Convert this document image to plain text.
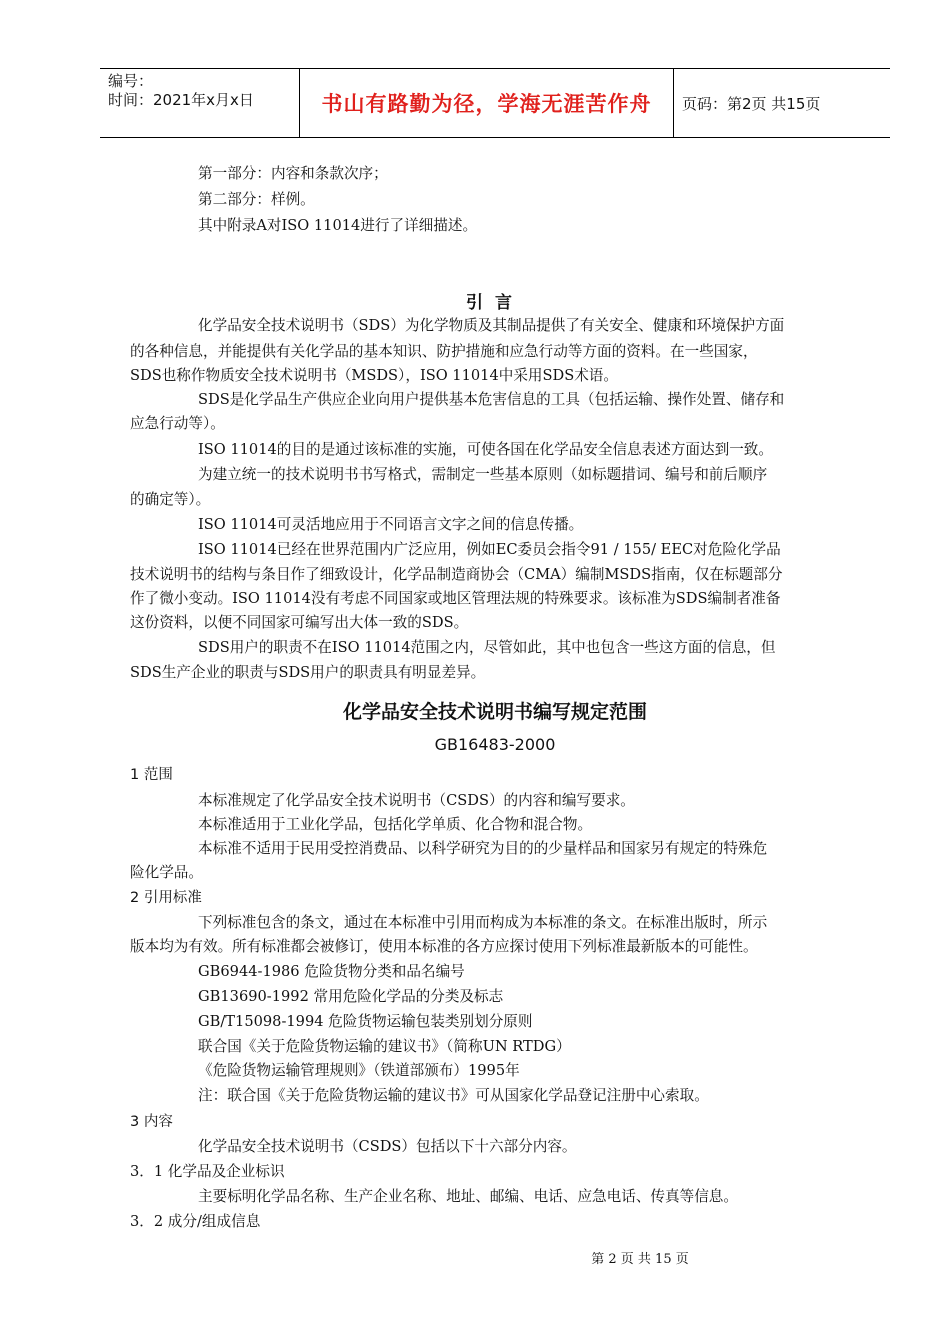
编号：
时间：2021年x月x日	书山有路勤为径，学海无涯苦作舟	页码：第2页 共15页
第一部分：内容和条款次序；
第二部分：样例。
其中附录A对ISO 11014进行了详细描述。
引言
化学品安全技术说明书（SDS）为化学物质及其制品提供了有关安全、健康和环境保护方面
的各种信息，并能提供有关化学品的基本知识、防护措施和应急行动等方面的资料。在一些国家，
SDS也称作物质安全技术说明书（MSDS），ISO 11014中采用SDS术语。
SDS是化学品生产供应企业向用户提供基本危害信息的工具（包括运输、操作处置、储存和
应急行动等）。
ISO 11014的目的是通过该标准的实施，可使各国在化学品安全信息表述方面达到一致。
为建立统一的技术说明书书写格式，需制定一些基本原则（如标题措词、编号和前后顺序
的确定等）。
ISO 11014可灵活地应用于不同语言文字之间的信息传播。
ISO 11014已经在世界范围内广泛应用，例如EC委员会指令91 / 155/ EEC对危险化学品
技术说明书的结构与条目作了细致设计，化学品制造商协会（CMA）编制MSDS指南，仅在标题部分
作了微小变动。ISO 11014没有考虑不同国家或地区管理法规的特殊要求。该标准为SDS编制者准备
这份资料，以便不同国家可编写出大体一致的SDS。
SDS用户的职责不在ISO 11014范围之内，尽管如此，其中也包含一些这方面的信息，但
SDS生产企业的职责与SDS用户的职责具有明显差异。
化学品安全技术说明书编写规定范围
GB16483-2000
1 范围
本标准规定了化学品安全技术说明书（CSDS）的内容和编写要求。
本标准适用于工业化学品，包括化学单质、化合物和混合物。
本标准不适用于民用受控消费品、以科学研究为目的的少量样品和国家另有规定的特殊危
险化学品。
2 引用标准
下列标准包含的条文，通过在本标准中引用而构成为本标准的条文。在标准出版时，所示
版本均为有效。所有标准都会被修订，使用本标准的各方应探讨使用下列标准最新版本的可能性。
GB6944-1986 危险货物分类和品名编号
GB13690-1992 常用危险化学品的分类及标志
GB/T15098-1994 危险货物运输包装类别划分原则
联合国《关于危险货物运输的建议书》（简称UN RTDG）
《危险货物运输管理规则》（铁道部颁布）1995年
注：联合国《关于危险货物运输的建议书》可从国家化学品登记注册中心索取。
3 内容
化学品安全技术说明书（CSDS）包括以下十六部分内容。
3．1 化学品及企业标识
主要标明化学品名称、生产企业名称、地址、邮编、电话、应急电话、传真等信息。
3．2 成分/组成信息
第 2 页 共 15 页
